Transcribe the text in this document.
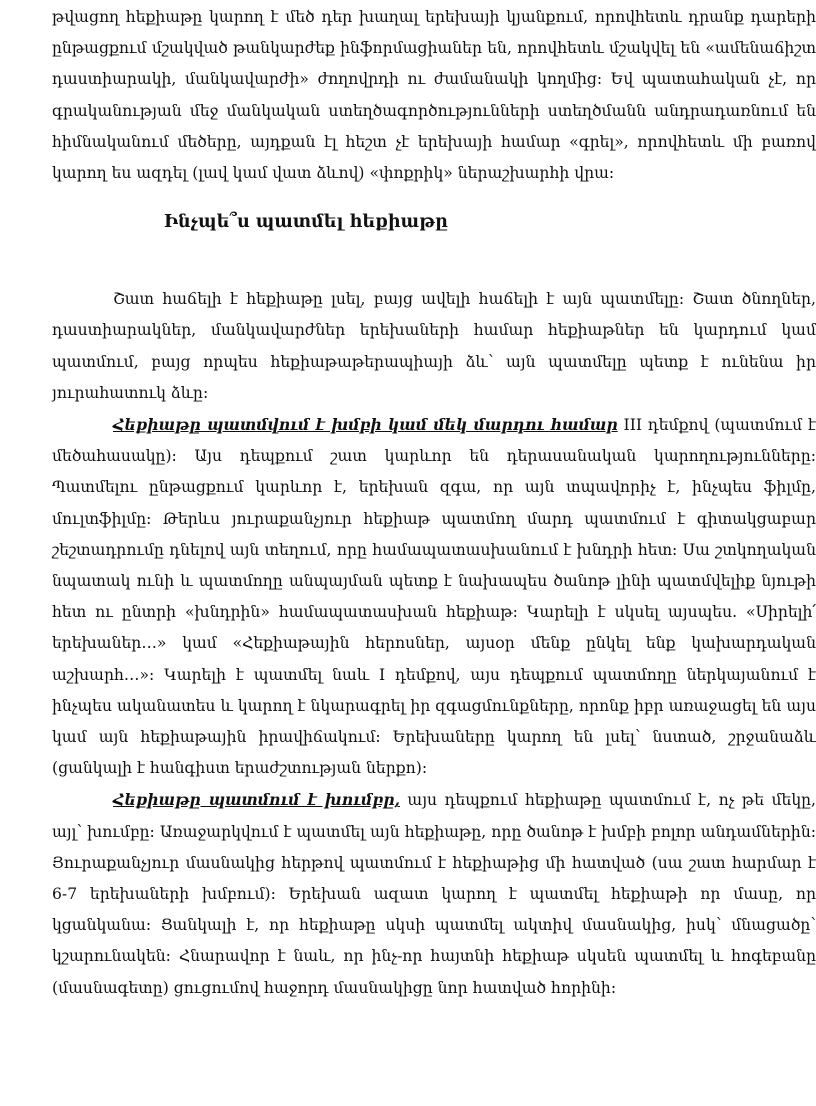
թվացող հեքիաթը կարող է մեծ դեր խաղալ երեխայի կյանքում, որովհետև դրանք դարերի ընթացքում մշակված թանկարժեք ինֆորմացիաներ են, որովհետև մշակվել են «ամենաճիշտ դաստիարակի, մանկավարժի» ժողովրդի ու ժամանակի կողմից: Եվ պատահական չէ, որ գրականության մեջ մանկական ստեղծագործությունների ստեղծմանն անդրադառնում են հիմնականում մեծերը, այդքան էլ հեշտ չէ երեխայի համար «գրել», որովհետև մի բառով կարող ես ազդել (լավ կամ վատ ձևով) «փոքրիկ» ներաշխարհի վրա:

Ինչպե՞ս պատմել հեքիաթը

Շատ հաճելի է հեքիաթը լսել, բայց ավելի հաճելի է այն պատմելը: Շատ ծնողներ, դաստիարակներ, մանկավարժներ երեխաների համար հեքիաթներ են կարդում կամ պատմում, բայց որպես հեքիաթաթերապիայի ձև՝ այն պատմելը պետք է ունենա իր յուրահատուկ ձևը:

Հեքիաթը պատմվում է խմբի կամ մեկ մարդու համար III դեմքով (պատմում է մեծահասակը): Այս դեպքում շատ կարևոր են դերասանական կարողությունները: Պատմելու ընթացքում կարևոր է, երեխան զգա, որ այն տպավորիչ է, ինչպես ֆիլմը, մուլտֆիլմը: Թերևս յուրաքանչյուր հեքիաթ պատմող մարդ պատմում է գիտակցաբար շեշտադրումը դնելով այն տեղում, որը համապատասխանում է խնդրի հետ: Սա շտկողական նպատակ ունի և պատմողը անպայման պետք է նախապես ծանոթ լինի պատմվելիք նյութի հետ ու ընտրի «խնդրին» համապատասխան հեքիաթ: Կարելի է սկսել այսպես. «Սիրելի՛ երեխաներ…» կամ «Հեքիաթային հերոսներ, այսօր մենք ընկել ենք կախարդական աշխարհ…»: Կարելի է պատմել նաև I դեմքով, այս դեպքում պատմողը ներկայանում է ինչպես ականատես և կարող է նկարագրել իր զգացմունքները, որոնք իբր առաջացել են այս կամ այն հեքիաթային իրավիճակում: Երեխաները կարող են լսել՝ նստած, շրջանաձև (ցանկալի է հանգիստ երաժշտության ներքո):

Հեքիաթը պատմում է խումբը, այս դեպքում հեքիաթը պատմում է, ոչ թե մեկը, այլ՝ խումբը: Առաջարկվում է պատմել այն հեքիաթը, որը ծանոթ է խմբի բոլոր անդամներին: Յուրաքանչյուր մասնակից հերթով պատմում է հեքիաթից մի հատված (սա շատ հարմար է 6-7 երեխաների խմբում): Երեխան ազատ կարող է պատմել հեքիաթի որ մասը, որ կցանկանա: Ցանկալի է, որ հեքիաթը սկսի պատմել ակտիվ մասնակից, իսկ՝ մնացածը՝ կշարունակեն: Հնարավոր է նաև, որ ինչ-որ հայտնի հեքիաթ սկսեն պատմել և հոգեբանը (մասնագետը) ցուցումով հաջորդ մասնակիցը նոր հատված հորինի:
